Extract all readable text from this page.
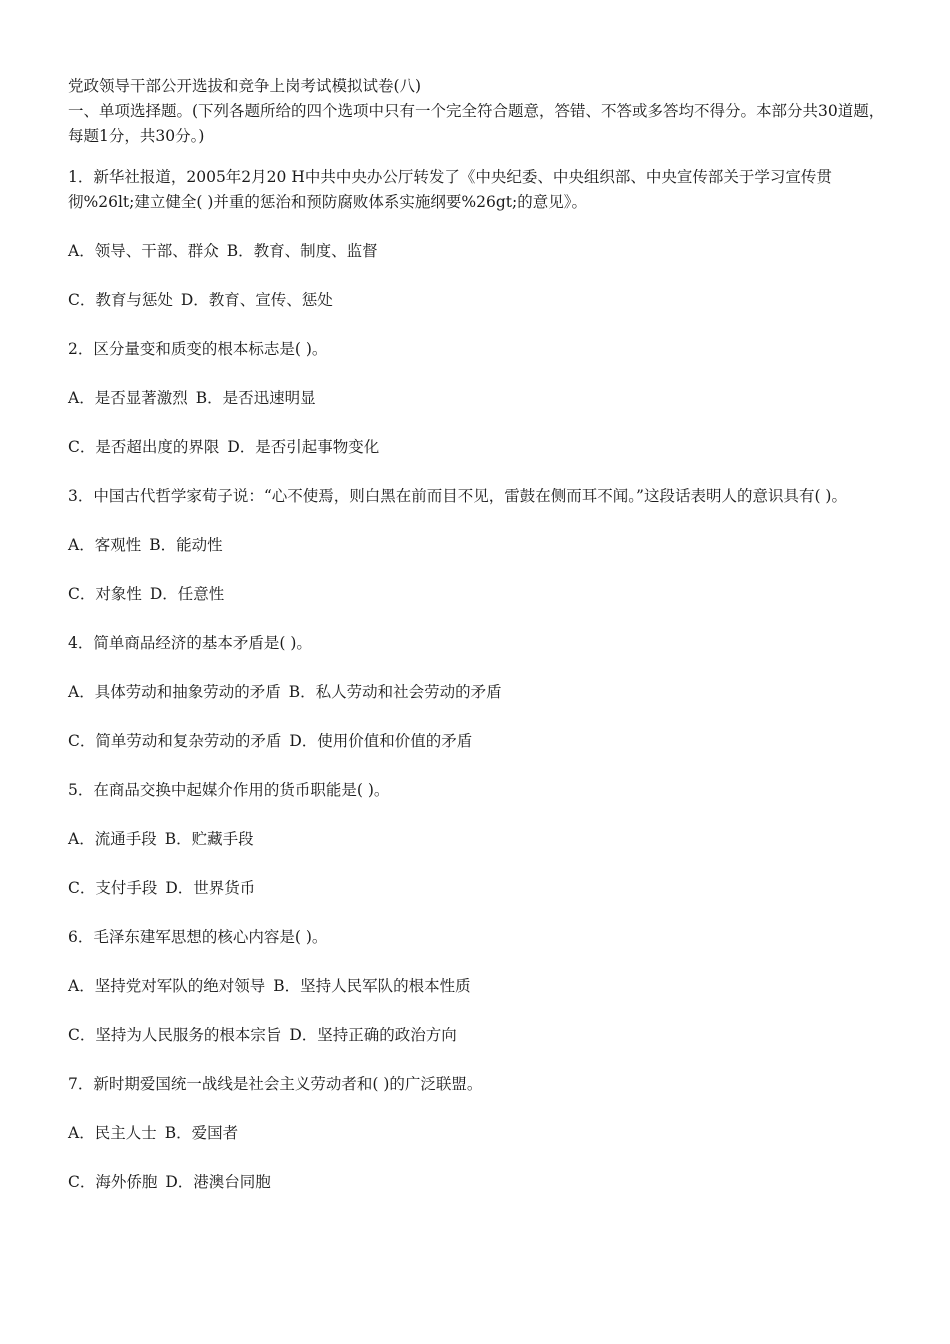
党政领导干部公开选拔和竞争上岗考试模拟试卷(八)

一、单项选择题。(下列各题所给的四个选项中只有一个完全符合题意，答错、不答或多答均不得分。本部分共30道题，每题1分，共30分。)

1．新华社报道，2005年2月20 H中共中央办公厅转发了《中央纪委、中央组织部、中央宣传部关于学习宣传贯彻%26lt;建立健全( )并重的惩治和预防腐败体系实施纲要%26gt;的意见》。

A．领导、干部、群众 B．教育、制度、监督

C．教育与惩处 D．教育、宣传、惩处

2．区分量变和质变的根本标志是( )。

A．是否显著激烈 B．是否迅速明显

C．是否超出度的界限 D．是否引起事物变化

3．中国古代哲学家荀子说：“心不使焉，则白黑在前而目不见，雷鼓在侧而耳不闻。”这段话表明人的意识具有( )。

A．客观性 B．能动性

C．对象性 D．任意性

4．简单商品经济的基本矛盾是( )。

A．具体劳动和抽象劳动的矛盾 B．私人劳动和社会劳动的矛盾

C．简单劳动和复杂劳动的矛盾 D．使用价值和价值的矛盾

5．在商品交换中起媒介作用的货币职能是( )。

A．流通手段 B．贮藏手段

C．支付手段 D．世界货币

6．毛泽东建军思想的核心内容是( )。

A．坚持党对军队的绝对领导 B．坚持人民军队的根本性质

C．坚持为人民服务的根本宗旨 D．坚持正确的政治方向

7．新时期爱国统一战线是社会主义劳动者和( )的广泛联盟。

A．民主人士 B．爱国者

C．海外侨胞 D．港澳台同胞
